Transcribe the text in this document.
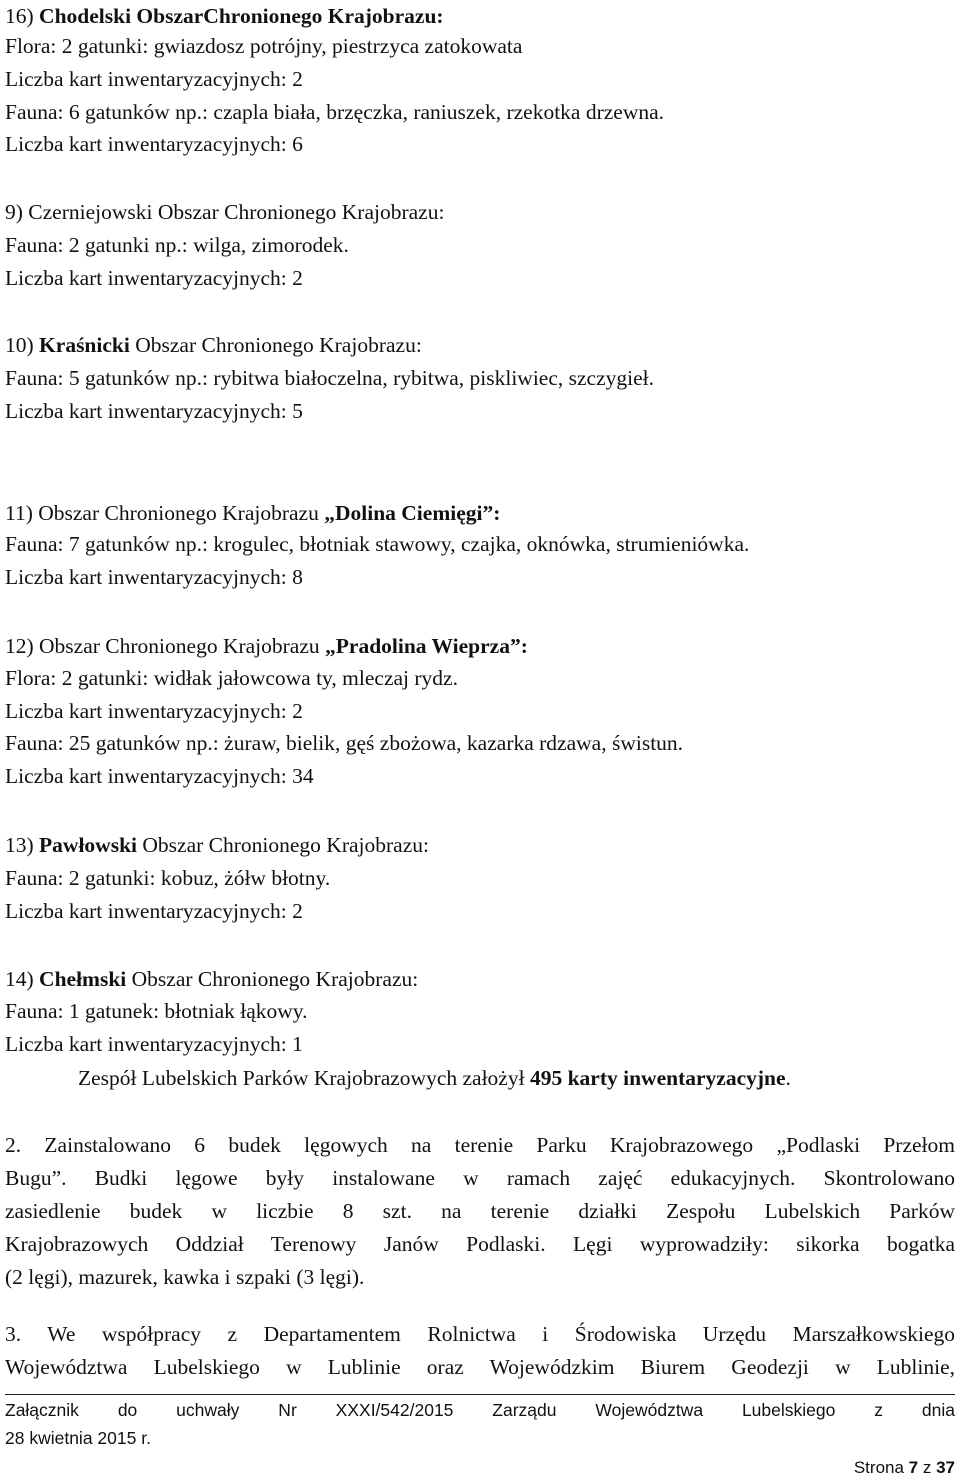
16) Chodelski ObszarChronionego Krajobrazu:
Flora: 2 gatunki: gwiazdosz potrójny, piestrzyca zatokowata
Liczba kart inwentaryzacyjnych: 2
Fauna: 6 gatunków np.: czapla biała, brzęczka, raniuszek, rzekotka drzewna.
Liczba kart inwentaryzacyjnych: 6
9) Czerniejowski Obszar Chronionego Krajobrazu:
Fauna: 2 gatunki np.: wilga, zimorodek.
Liczba kart inwentaryzacyjnych: 2
10) Kraśnicki Obszar Chronionego Krajobrazu:
Fauna: 5 gatunków np.: rybitwa białoczelna, rybitwa, piskliwiec, szczygieł.
Liczba kart inwentaryzacyjnych: 5
11) Obszar Chronionego Krajobrazu „Dolina Ciemięgi”:
Fauna: 7 gatunków np.: krogulec, błotniak stawowy, czajka, oknówka, strumieniówka.
Liczba kart inwentaryzacyjnych: 8
12) Obszar Chronionego Krajobrazu „Pradolina Wieprza”:
Flora: 2 gatunki: widłak jałowcowa ty, mleczaj rydz.
Liczba kart inwentaryzacyjnych: 2
Fauna: 25 gatunków np.: żuraw, bielik, gęś zbożowa, kazarka rdzawa, świstun.
Liczba kart inwentaryzacyjnych: 34
13) Pawłowski Obszar Chronionego Krajobrazu:
Fauna: 2 gatunki: kobuz, żółw błotny.
Liczba kart inwentaryzacyjnych: 2
14) Chełmski Obszar Chronionego Krajobrazu:
Fauna: 1 gatunek: błotniak łąkowy.
Liczba kart inwentaryzacyjnych: 1
Zespół Lubelskich Parków Krajobrazowych założył 495 karty inwentaryzacyjne.
2. Zainstalowano 6 budek lęgowych na terenie Parku Krajobrazowego „Podlaski Przełom
Bugu”. Budki lęgowe były instalowane w ramach zajęć edukacyjnych. Skontrolowano
zasiedlenie budek w liczbie 8 szt. na terenie działki Zespołu Lubelskich Parków
Krajobrazowych Oddział Terenowy Janów Podlaski. Lęgi wyprowadziły: sikorka bogatka
(2 lęgi), mazurek, kawka i szpaki (3 lęgi).
3. We współpracy z Departamentem Rolnictwa i Środowiska Urzędu Marszałkowskiego
Województwa Lubelskiego w Lublinie oraz Wojewódzkim Biurem Geodezji w Lublinie,
Załącznik do uchwały Nr XXXI/542/2015 Zarządu Województwa Lubelskiego z dnia
28 kwietnia 2015 r.
Strona 7 z 37
